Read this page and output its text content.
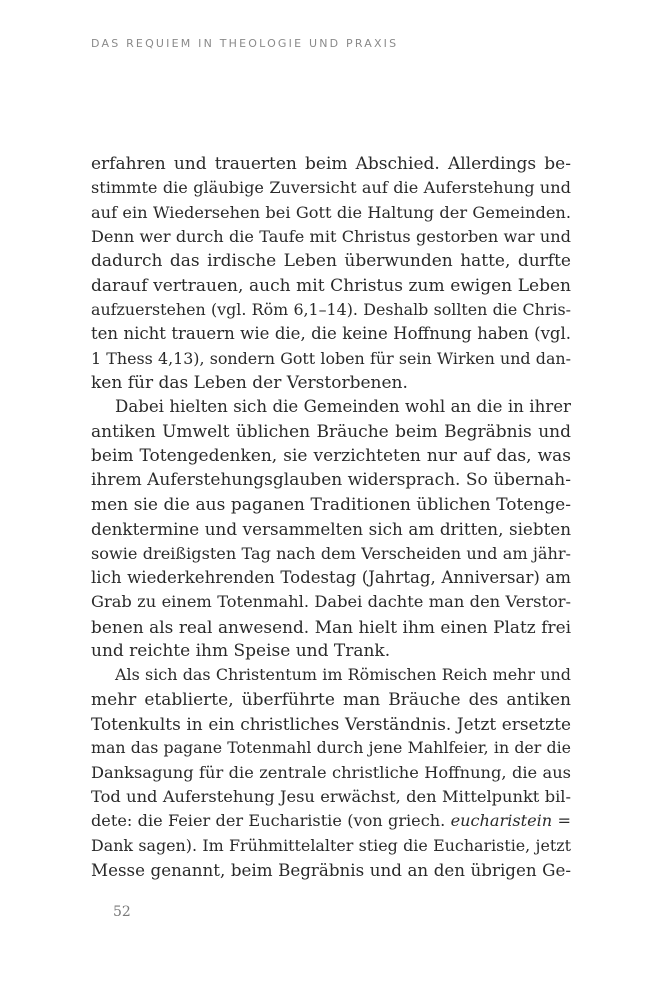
DAS REQUIEM IN THEOLOGIE UND PRAXIS
erfahren und trauerten beim Abschied. Allerdings be-
stimmte die gläubige Zuversicht auf die Auferstehung und
auf ein Wiedersehen bei Gott die Haltung der Gemeinden.
Denn wer durch die Taufe mit Christus gestorben war und
dadurch das irdische Leben überwunden hatte, durfte
darauf vertrauen, auch mit Christus zum ewigen Leben
aufzuerstehen (vgl. Röm 6,1–14). Deshalb sollten die Chris-
ten nicht trauern wie die, die keine Hoffnung haben (vgl.
1 Thess 4,13), sondern Gott loben für sein Wirken und dan-
ken für das Leben der Verstorbenen.
Dabei hielten sich die Gemeinden wohl an die in ihrer
antiken Umwelt üblichen Bräuche beim Begräbnis und
beim Totengedenken, sie verzichteten nur auf das, was
ihrem Auferstehungsglauben widersprach. So übernah-
men sie die aus paganen Traditionen üblichen Totenge-
denktermine und versammelten sich am dritten, siebten
sowie dreißigsten Tag nach dem Verscheiden und am jähr-
lich wiederkehrenden Todestag (Jahrtag, Anniversar) am
Grab zu einem Totenmahl. Dabei dachte man den Verstor-
benen als real anwesend. Man hielt ihm einen Platz frei
und reichte ihm Speise und Trank.
Als sich das Christentum im Römischen Reich mehr und
mehr etablierte, überführte man Bräuche des antiken
Totenkults in ein christliches Verständnis. Jetzt ersetzte
man das pagane Totenmahl durch jene Mahlfeier, in der die
Danksagung für die zentrale christliche Hoffnung, die aus
Tod und Auferstehung Jesu erwächst, den Mittelpunkt bil-
dete: die Feier der Eucharistie (von griech. eucharistein =
Dank sagen). Im Frühmittelalter stieg die Eucharistie, jetzt
Messe genannt, beim Begräbnis und an den übrigen Ge-
52
